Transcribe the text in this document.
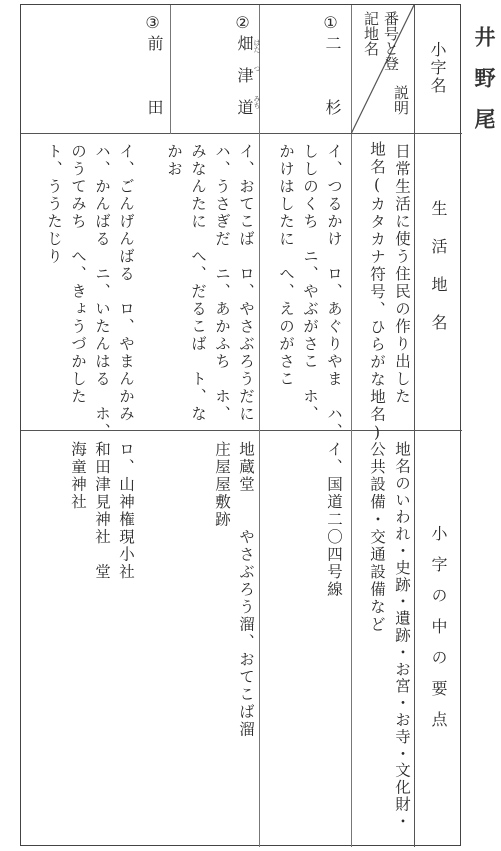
井野尾
小字名
番号と登記地名
説明
生活地名
小字の中の要点
日常生活に使う住民の作り出した
地名(カタカナ符号、ひらがな地名)
地名のいわれ・史跡・遺跡・お宮・お寺・文化財・
公共設備・交通設備など
①
二　　　杉
イ、つるかけ　ロ、あぐりやま　ハ、
ししのくち　ニ、やぶがさこ　ホ、
かけはしたに　へ、えのがさこ
イ、国道二〇四号線
②
畑　津　道 はた
つ
みち
イ、おてこば　ロ、やさぶろうだに
ハ、うさぎだ　ニ、あかふち　ホ、
みなんたに　へ、だるこば　ト、な
かお
地蔵堂　　やさぶろう溜、おてこば溜
庄屋屋敷跡
③
前　　　田
イ、ごんげんばる　ロ、やまんかみ
ハ、かんばる　ニ、いたんはる　ホ、
のうてみち　へ、きょうづかした
ト、ううたじり
ロ、山神権現小社
和田津見神社　堂
海童神社
